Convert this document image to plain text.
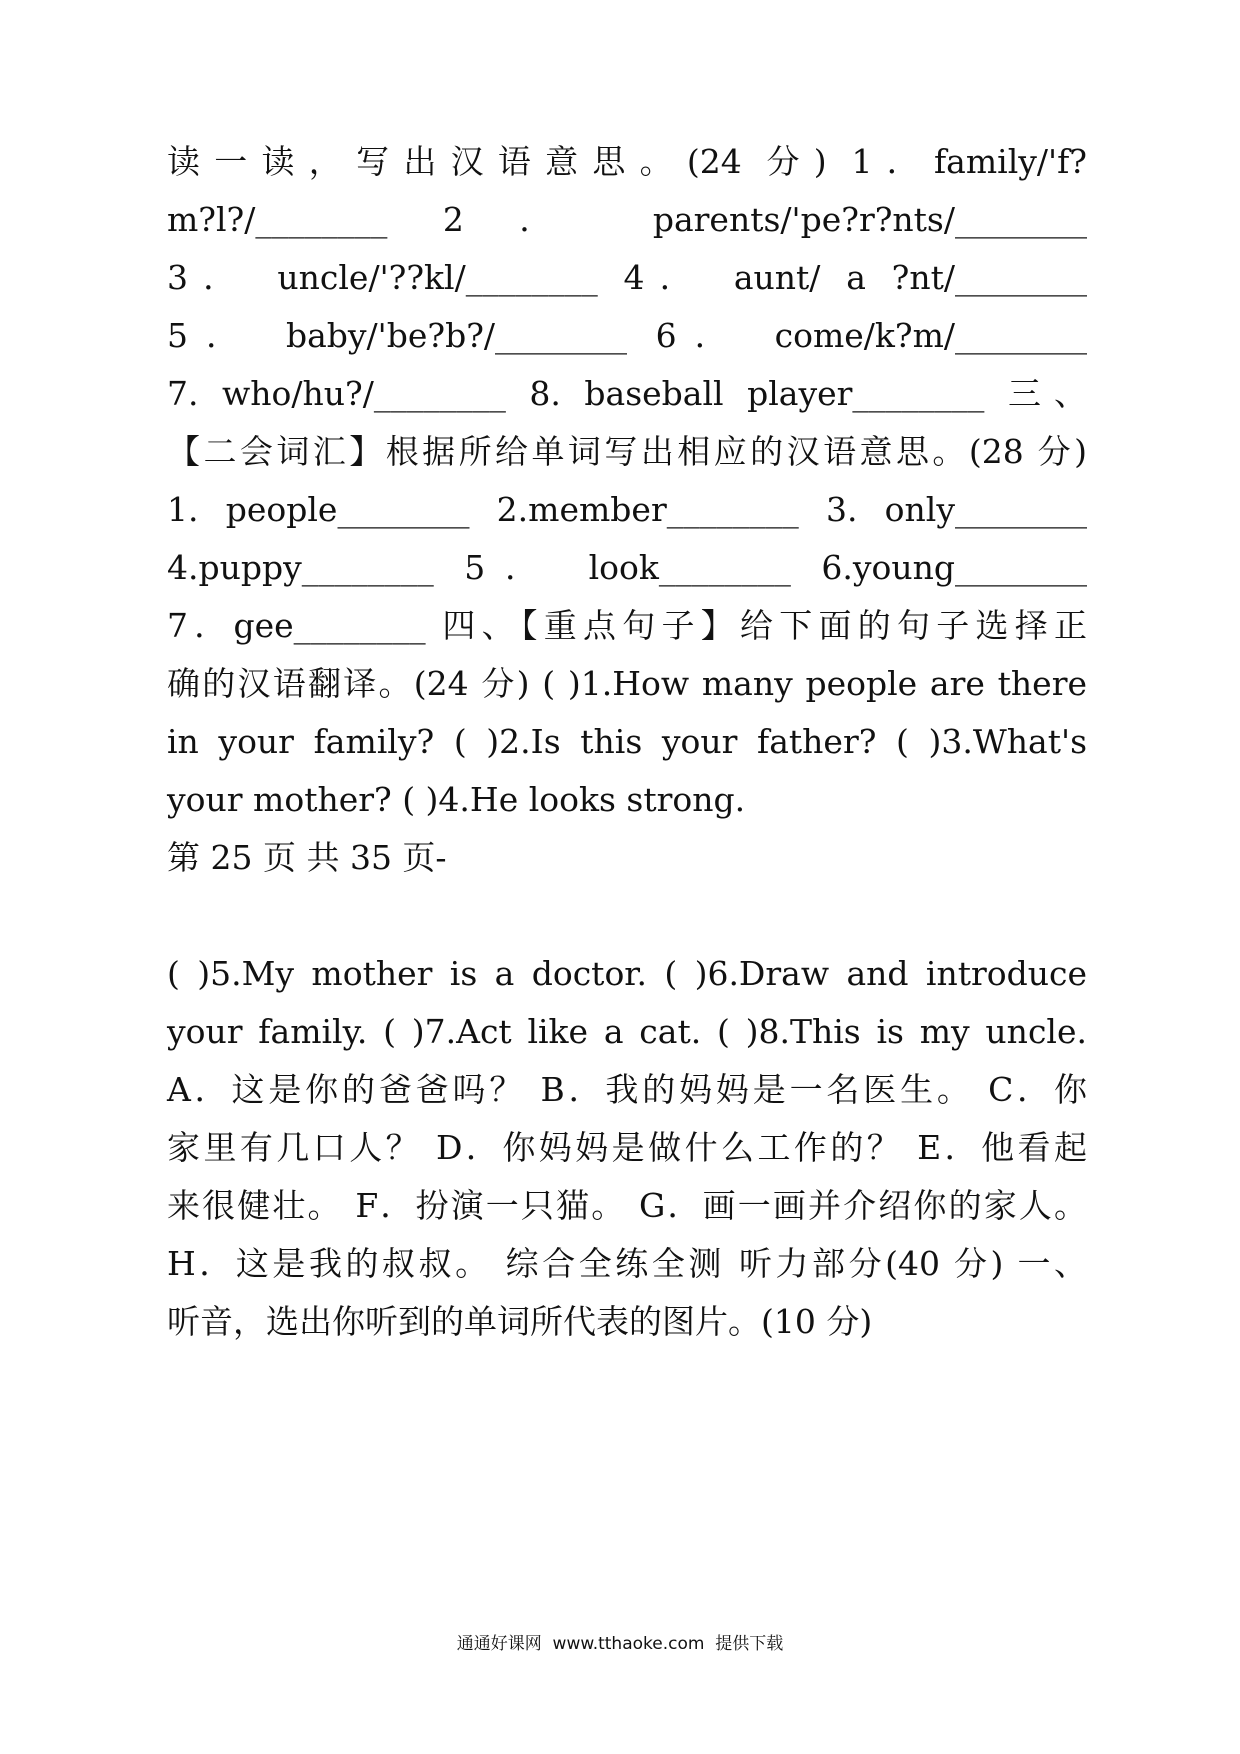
读一读，写出汉语意思。(24 分) 1．family/'f?
m?l?/________ 2 ． parents/'pe?r?nts/________
3． uncle/'??kl/________ 4． aunt/ a ?nt/________
5． baby/'be?b?/________ 6． come/k?m/________
7. who/hu?/________ 8. baseball player________ 三、
【二会词汇】根据所给单词写出相应的汉语意思。(28 分)
1. people________ 2.member________ 3. only________
4.puppy________ 5． look________ 6.young________
7．gee________ 四、【重点句子】给下面的句子选择正
确的汉语翻译。(24 分) ( )1.How many people are there
in your family? ( )2.Is this your father? ( )3.What's
your mother? ( )4.He looks strong.
第 25 页 共 35 页-
( )5.My mother is a doctor. ( )6.Draw and introduce
your family. ( )7.Act like a cat. ( )8.This is my uncle.
A．这是你的爸爸吗？ B．我的妈妈是一名医生。 C．你
家里有几口人？ D．你妈妈是做什么工作的？ E．他看起
来很健壮。 F．扮演一只猫。 G．画一画并介绍你的家人。
H．这是我的叔叔。 综合全练全测 听力部分(40 分) 一、
听音，选出你听到的单词所代表的图片。(10 分)
通通好课网  www.tthaoke.com  提供下载
